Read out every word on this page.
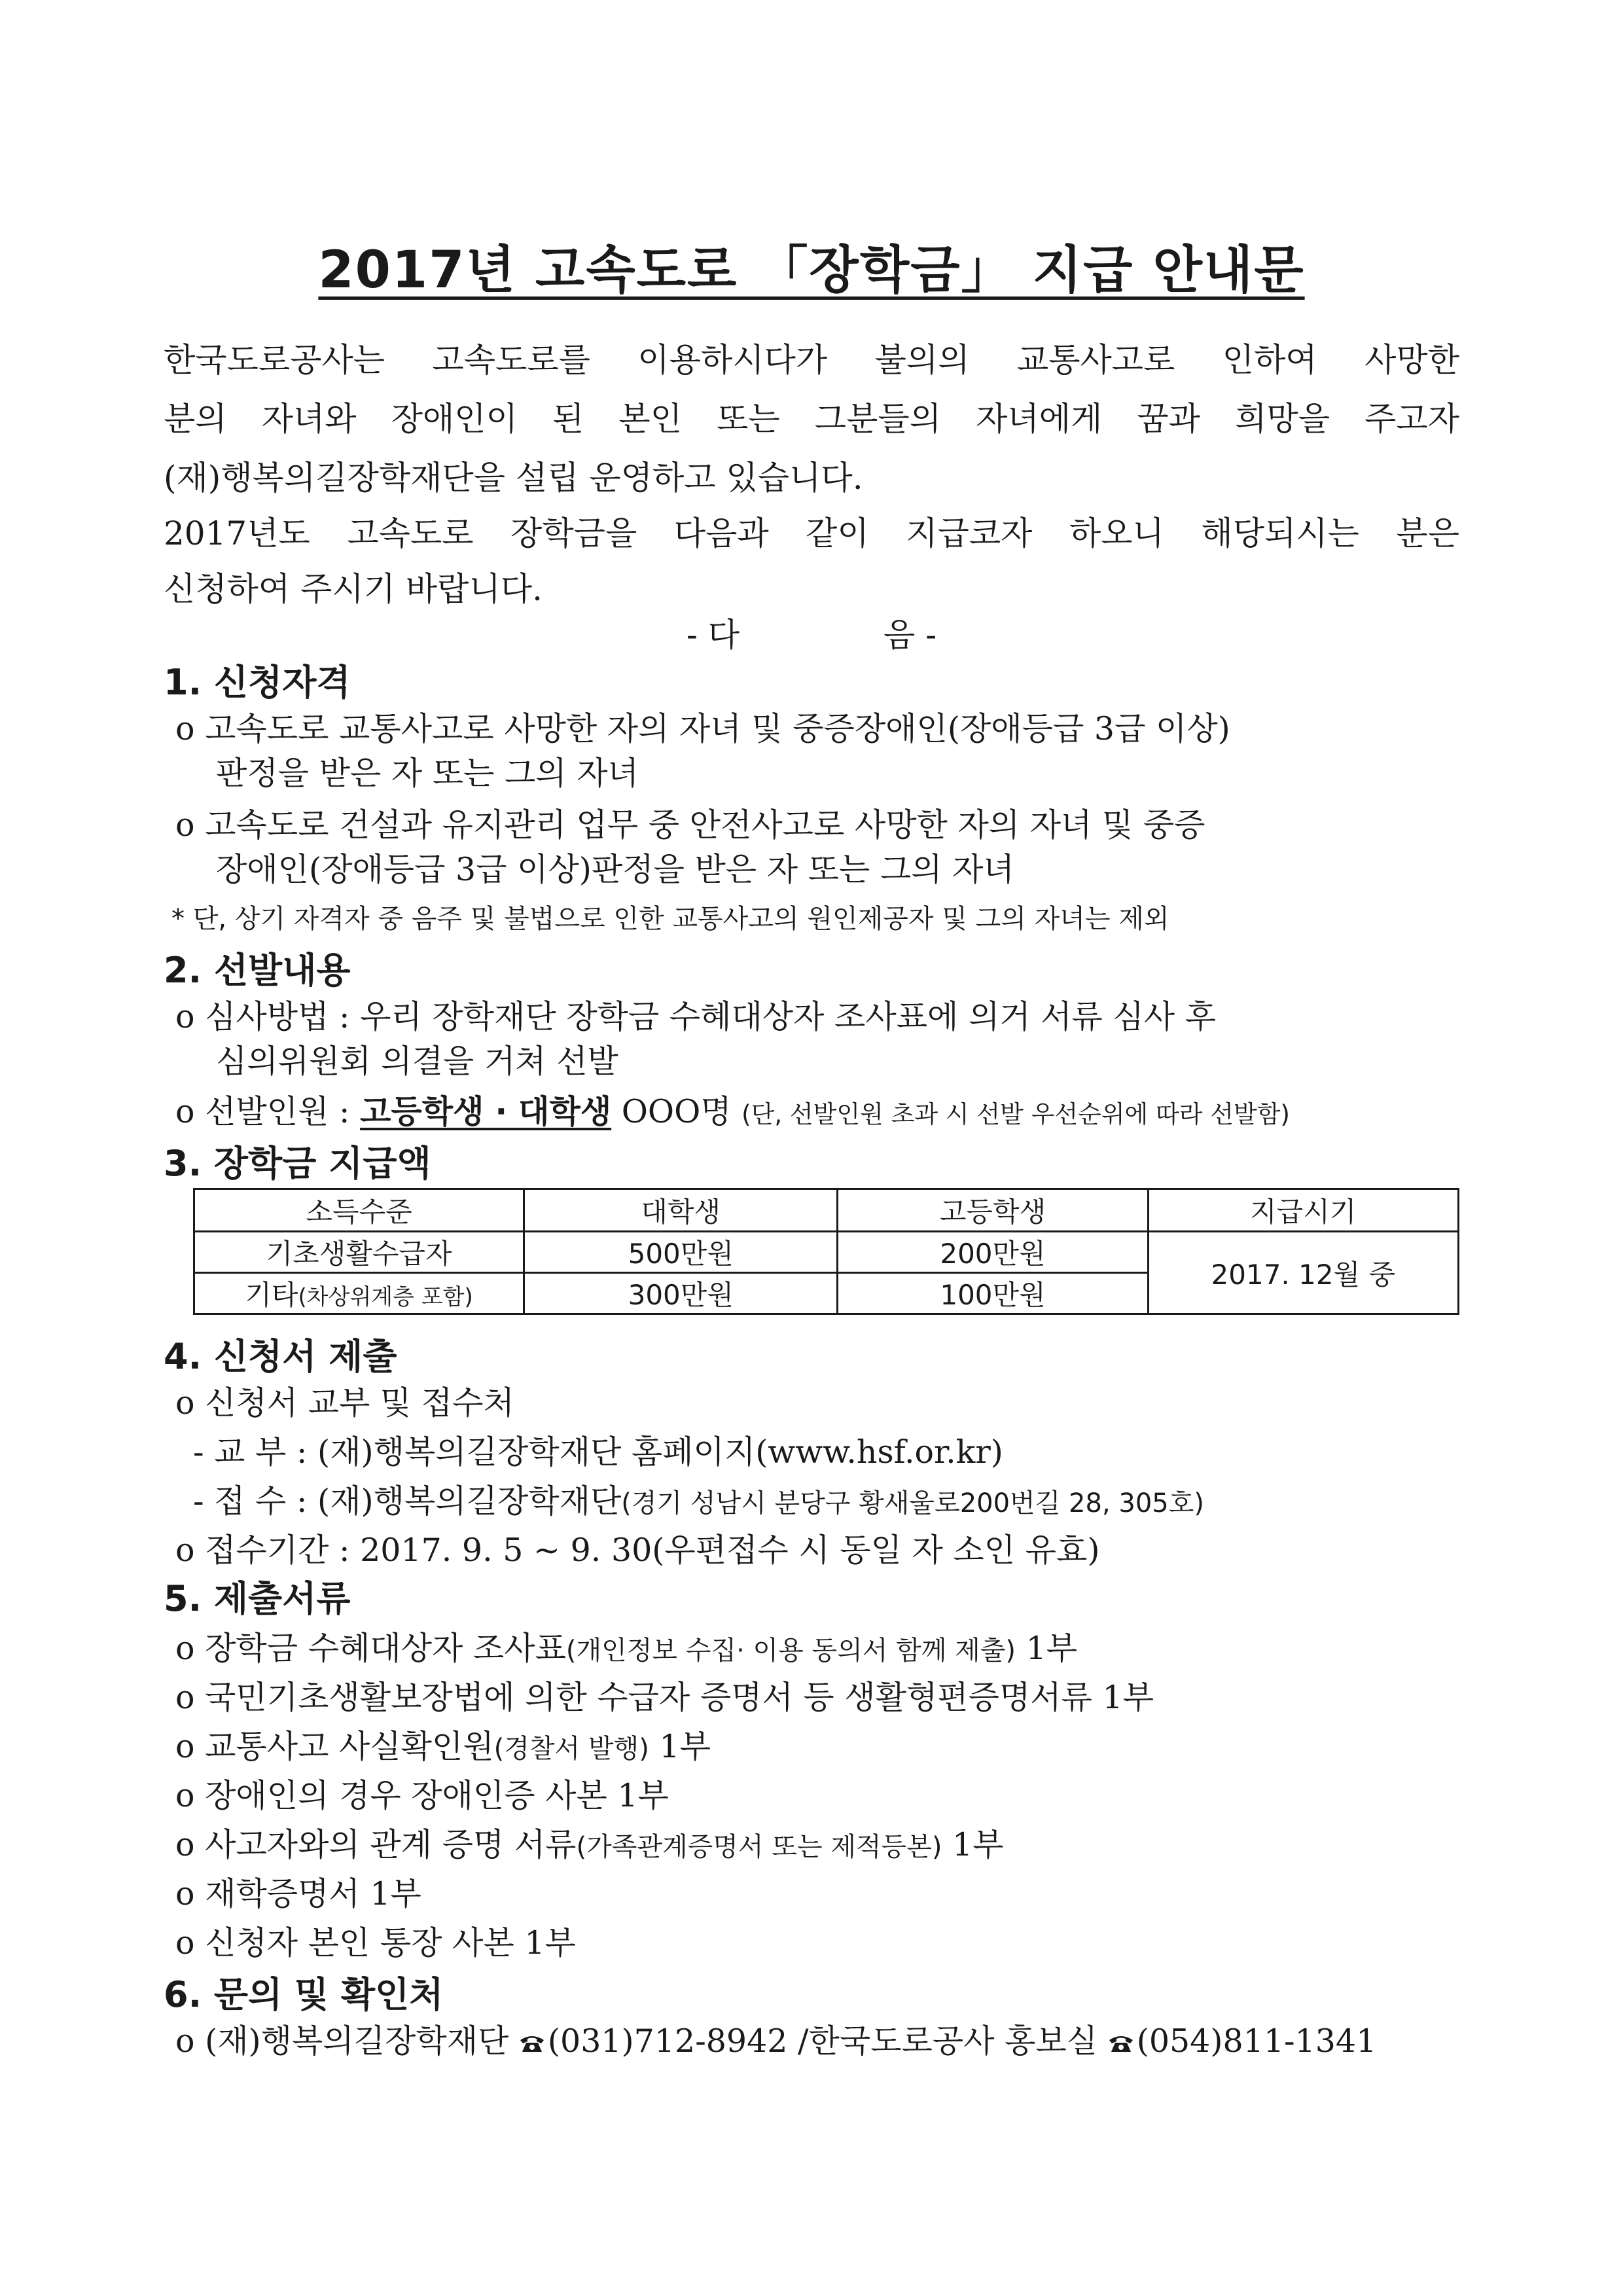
2017년 고속도로 「장학금」 지급 안내문
한국도로공사는 고속도로를 이용하시다가 불의의 교통사고로 인하여 사망한
분의 자녀와 장애인이 된 본인 또는 그분들의 자녀에게 꿈과 희망을 주고자
(재)행복의길장학재단을 설립 운영하고 있습니다.
2017년도 고속도로 장학금을 다음과 같이 지급코자 하오니 해당되시는 분은
신청하여 주시기 바랍니다.
- 다	음 -
1. 신청자격
o 고속도로 교통사고로 사망한 자의 자녀 및 중증장애인(장애등급 3급 이상)
판정을 받은 자 또는 그의 자녀
o 고속도로 건설과 유지관리 업무 중 안전사고로 사망한 자의 자녀 및 중증
장애인(장애등급 3급 이상)판정을 받은 자 또는 그의 자녀
* 단, 상기 자격자 중 음주 및 불법으로 인한 교통사고의 원인제공자 및 그의 자녀는 제외
2. 선발내용
o 심사방법 : 우리 장학재단 장학금 수혜대상자 조사표에 의거 서류 심사 후
심의위원회 의결을 거쳐 선발
o 선발인원 : 고등학생 · 대학생 OOO명 (단, 선발인원 초과 시 선발 우선순위에 따라 선발함)
3. 장학금 지급액
소득수준	대학생	고등학생	지급시기
기초생활수급자	500만원	200만원	2017. 12월 중
기타(차상위계층 포함)	300만원	100만원	
4. 신청서 제출
o 신청서 교부 및 접수처
- 교 부 : (재)행복의길장학재단 홈페이지(www.hsf.or.kr)
- 접 수 : (재)행복의길장학재단(경기 성남시 분당구 황새울로200번길 28, 305호)
o 접수기간 : 2017. 9. 5 ~ 9. 30(우편접수 시 동일 자 소인 유효)
5. 제출서류
o 장학금 수혜대상자 조사표(개인정보 수집· 이용 동의서 함께 제출) 1부
o 국민기초생활보장법에 의한 수급자 증명서 등 생활형편증명서류 1부
o 교통사고 사실확인원(경찰서 발행) 1부
o 장애인의 경우 장애인증 사본 1부
o 사고자와의 관계 증명 서류(가족관계증명서 또는 제적등본) 1부
o 재학증명서 1부
o 신청자 본인 통장 사본 1부
6. 문의 및 확인처
o (재)행복의길장학재단 (031)712-8942 /한국도로공사 홍보실 (054)811-1341
